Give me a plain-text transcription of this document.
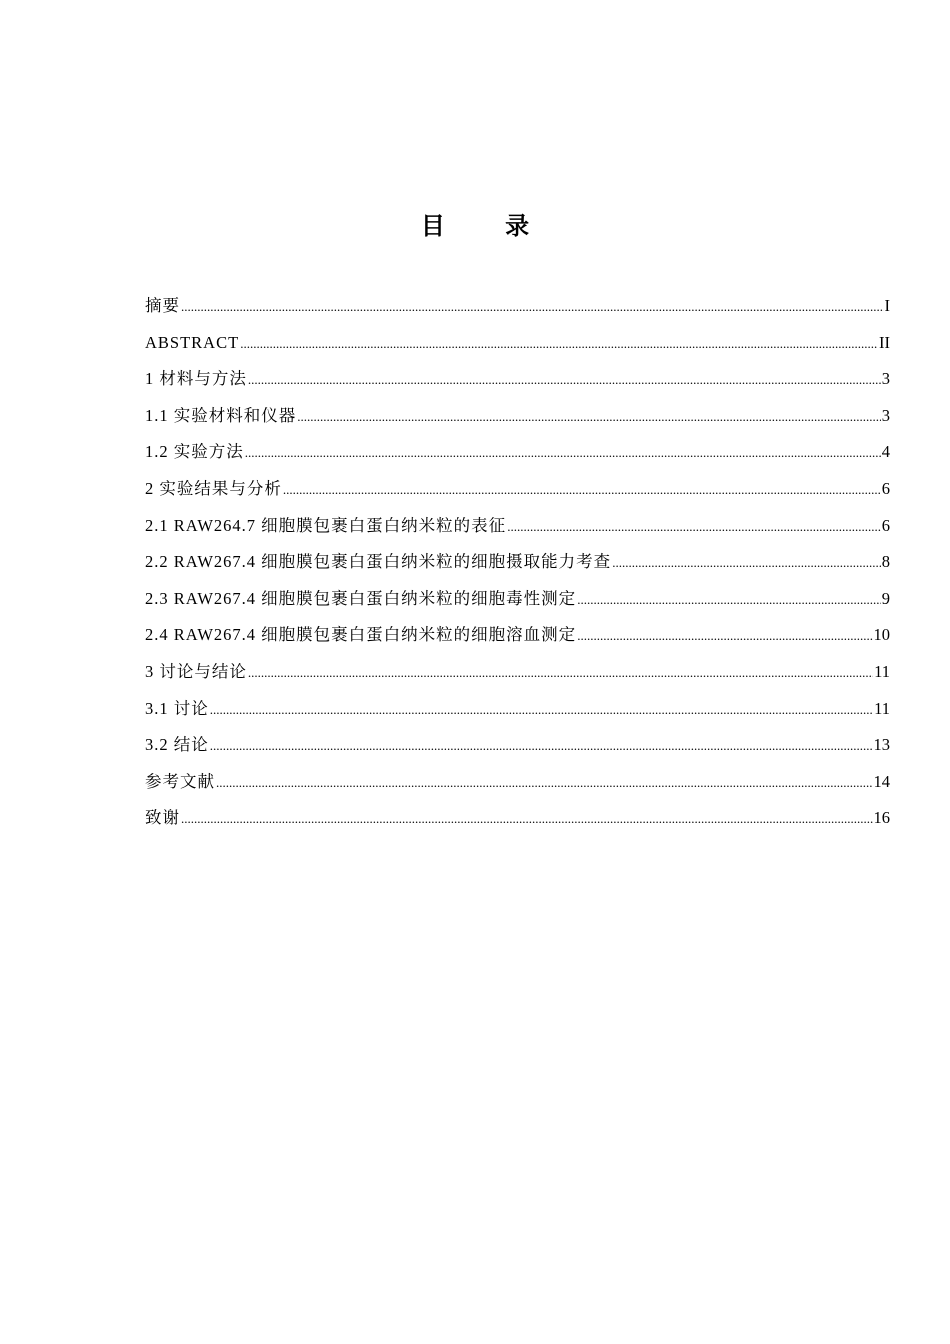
目 录
摘要 .....	I
ABSTRACT .....	II
1 材料与方法 .....	3
1.1 实验材料和仪器 .....	3
1.2 实验方法 .....	4
2 实验结果与分析 .....	6
2.1 RAW264.7 细胞膜包裹白蛋白纳米粒的表征 .....	6
2.2 RAW267.4 细胞膜包裹白蛋白纳米粒的细胞摄取能力考查 .....	8
2.3 RAW267.4 细胞膜包裹白蛋白纳米粒的细胞毒性测定 .....	9
2.4 RAW267.4 细胞膜包裹白蛋白纳米粒的细胞溶血测定 .....	10
3 讨论与结论 .....	11
3.1 讨论 .....	11
3.2 结论 .....	13
参考文献 .....	14
致谢 .....	16
